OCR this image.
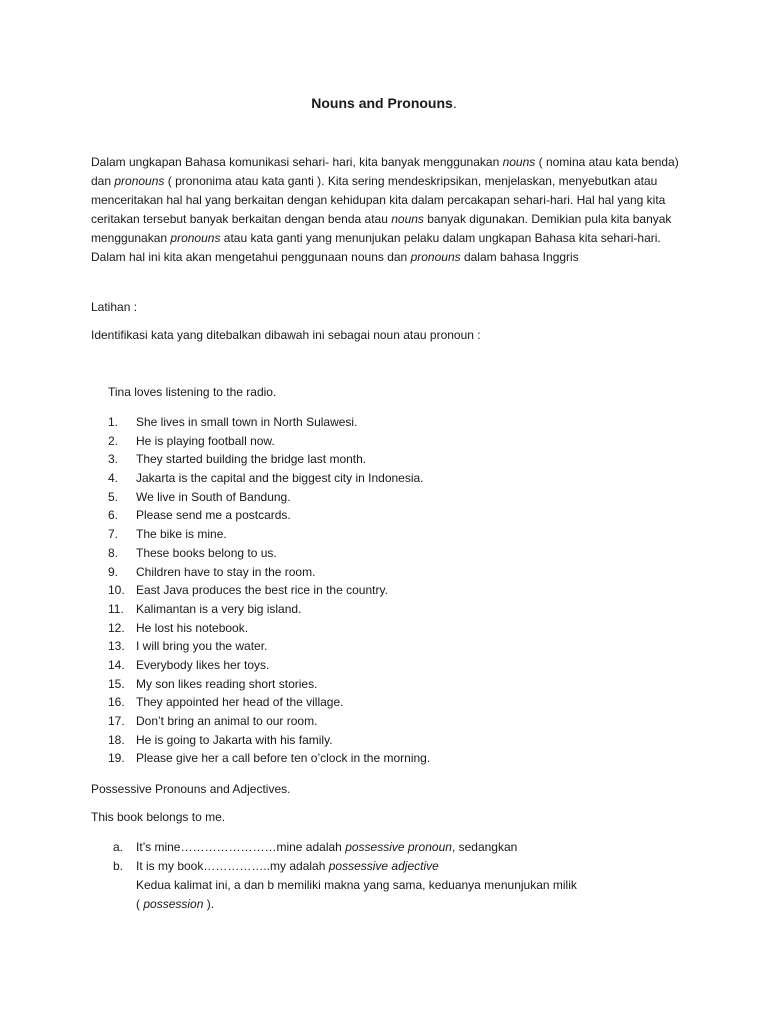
Nouns and Pronouns.

Dalam ungkapan Bahasa komunikasi sehari- hari, kita banyak menggunakan nouns ( nomina atau kata benda) dan pronouns ( prononima atau kata ganti ). Kita sering mendeskripsikan, menjelaskan, menyebutkan atau menceritakan hal hal yang berkaitan dengan kehidupan kita dalam percakapan sehari-hari. Hal hal yang kita ceritakan tersebut banyak berkaitan dengan benda atau nouns banyak digunakan. Demikian pula kita banyak menggunakan pronouns atau kata ganti yang menunjukan pelaku dalam ungkapan Bahasa kita sehari-hari. Dalam hal ini kita akan mengetahui penggunaan nouns dan pronouns dalam bahasa Inggris

Latihan :

Identifikasi kata yang ditebalkan dibawah ini sebagai noun atau pronoun :

Tina loves listening to the radio.

1. She lives in small town in North Sulawesi.
2. He is playing football now.
3. They started building the bridge last month.
4. Jakarta is the capital and the biggest city in Indonesia.
5. We live in South of Bandung.
6. Please send me a postcards.
7. The bike is mine.
8. These books belong to us.
9. Children have to stay in the room.
10. East Java produces the best rice in the country.
11. Kalimantan is a very big island.
12. He lost his notebook.
13. I will bring you the water.
14. Everybody likes her toys.
15. My son likes reading short stories.
16. They appointed her head of the village.
17. Don’t bring an animal to our room.
18. He is going to Jakarta with his family.
19. Please give her a call before ten o’clock in the morning.

Possessive Pronouns and Adjectives.

This book belongs to me.

a. It’s mine……………………mine adalah possessive pronoun, sedangkan
b. It is my book……………..my adalah possessive adjective
Kedua kalimat ini, a dan b memiliki makna yang sama, keduanya menunjukan milik
( possession ).
